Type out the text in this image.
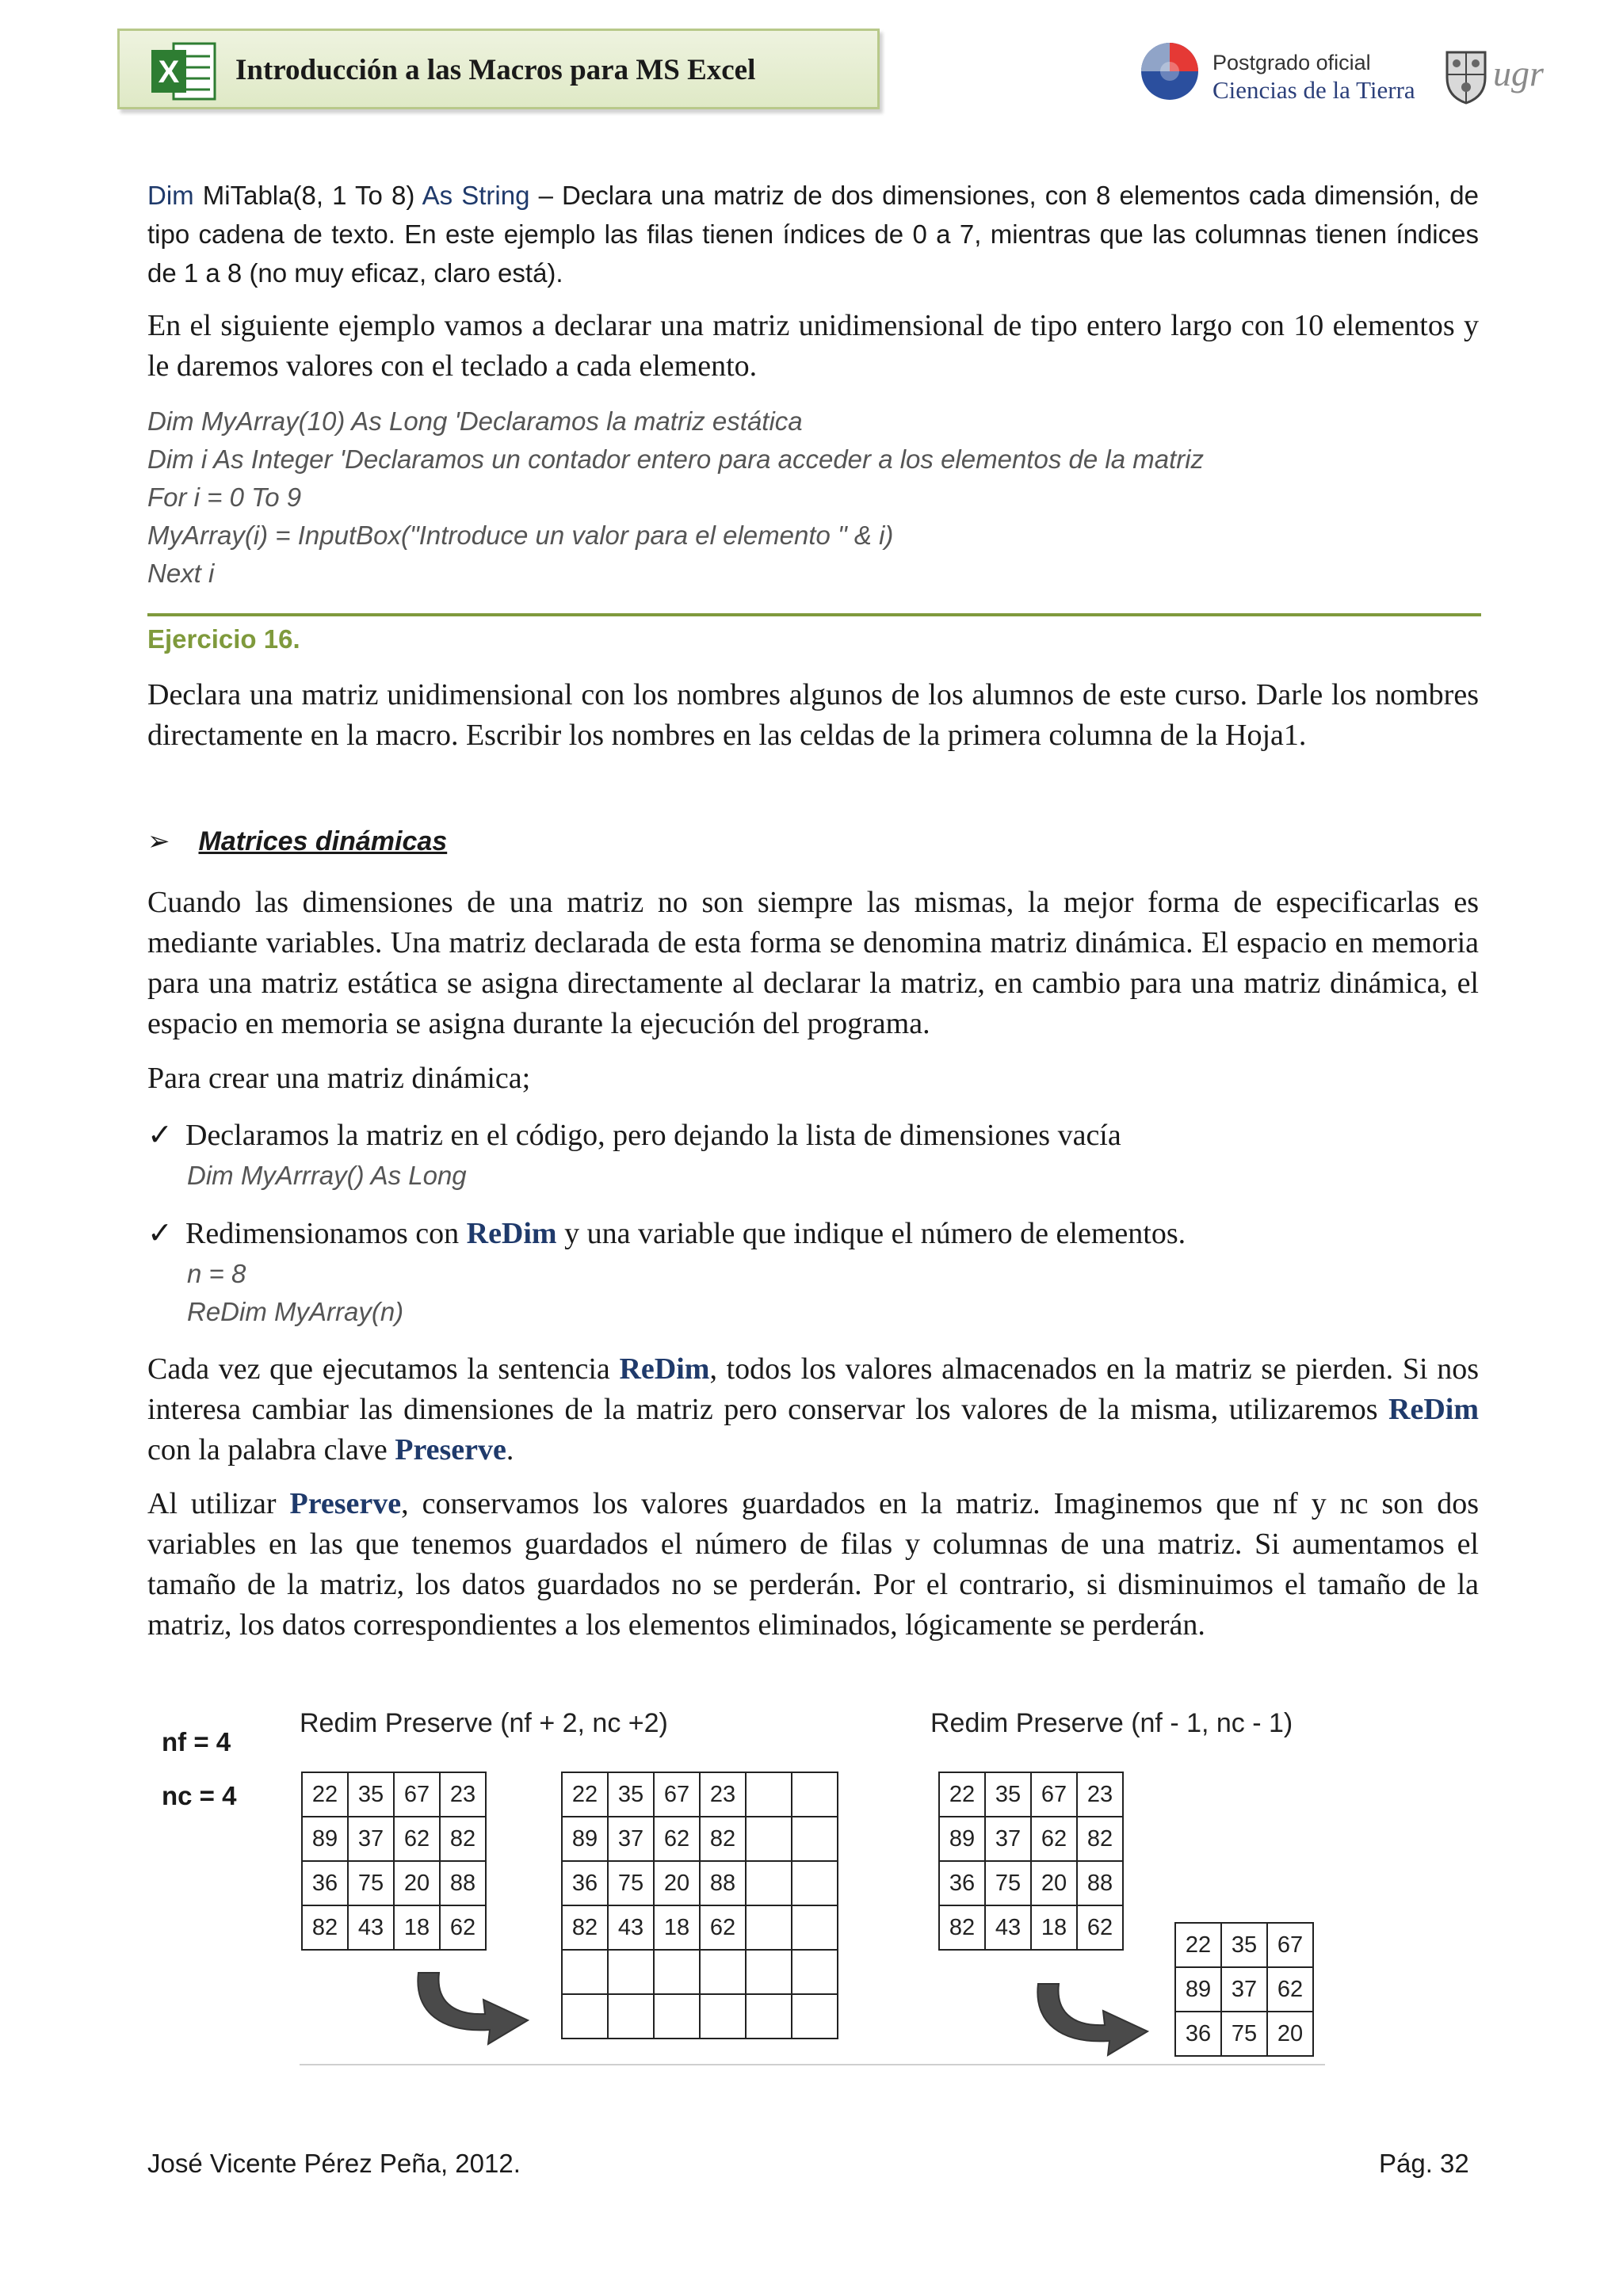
X Introducción a las Macros para MS Excel	Postgrado oficial
Ciencias de la Tierra ugr

Dim MiTabla(8, 1 To 8) As String – Declara una matriz de dos dimensiones, con 8 elementos cada dimensión, de tipo cadena de texto. En este ejemplo las filas tienen índices de 0 a 7, mientras que las columnas tienen índices de 1 a 8 (no muy eficaz, claro está).

En el siguiente ejemplo vamos a declarar una matriz unidimensional de tipo entero largo con 10 elementos y le daremos valores con el teclado a cada elemento.

Dim MyArray(10) As Long 'Declaramos la matriz estática
Dim i As Integer 'Declaramos un contador entero para acceder a los elementos de la matriz
For i = 0 To 9
MyArray(i) = InputBox("Introduce un valor para el elemento " & i)
Next i
Ejercicio 16.

Declara una matriz unidimensional con los nombres algunos de los alumnos de este curso. Darle los nombres directamente en la macro. Escribir los nombres en las celdas de la primera columna de la Hoja1.

➢ Matrices dinámicas

Cuando las dimensiones de una matriz no son siempre las mismas, la mejor forma de especificarlas es mediante variables. Una matriz declarada de esta forma se denomina matriz dinámica. El espacio en memoria para una matriz estática se asigna directamente al declarar la matriz, en cambio para una matriz dinámica, el espacio en memoria se asigna durante la ejecución del programa.

Para crear una matriz dinámica;

✓ Declaramos la matriz en el código, pero dejando la lista de dimensiones vacía
Dim MyArrray() As Long
✓ Redimensionamos con ReDim y una variable que indique el número de elementos.
n = 8
ReDim MyArray(n)

Cada vez que ejecutamos la sentencia ReDim, todos los valores almacenados en la matriz se pierden. Si nos interesa cambiar las dimensiones de la matriz pero conservar los valores de la misma, utilizaremos ReDim con la palabra clave Preserve.

Al utilizar Preserve, conservamos los valores guardados en la matriz. Imaginemos que nf y nc son dos variables en las que tenemos guardados el número de filas y columnas de una matriz. Si aumentamos el tamaño de la matriz, los datos guardados no se perderán. Por el contrario, si disminuimos el tamaño de la matriz, los datos correspondientes a los elementos eliminados, lógicamente se perderán.

nf = 4
nc = 4
Redim Preserve (nf + 2, nc +2)	Redim Preserve (nf - 1, nc - 1)
22	35	67	23
89	37	62	82
36	75	20	88
82	43	18	62
22	35	67	23		
89	37	62	82		
36	75	20	88		
82	43	18	62		

22	35	67	23
89	37	62	82
36	75	20	88
82	43	18	62
22	35	67
89	37	62
36	75	20
José Vicente Pérez Peña, 2012.	Pág. 32
